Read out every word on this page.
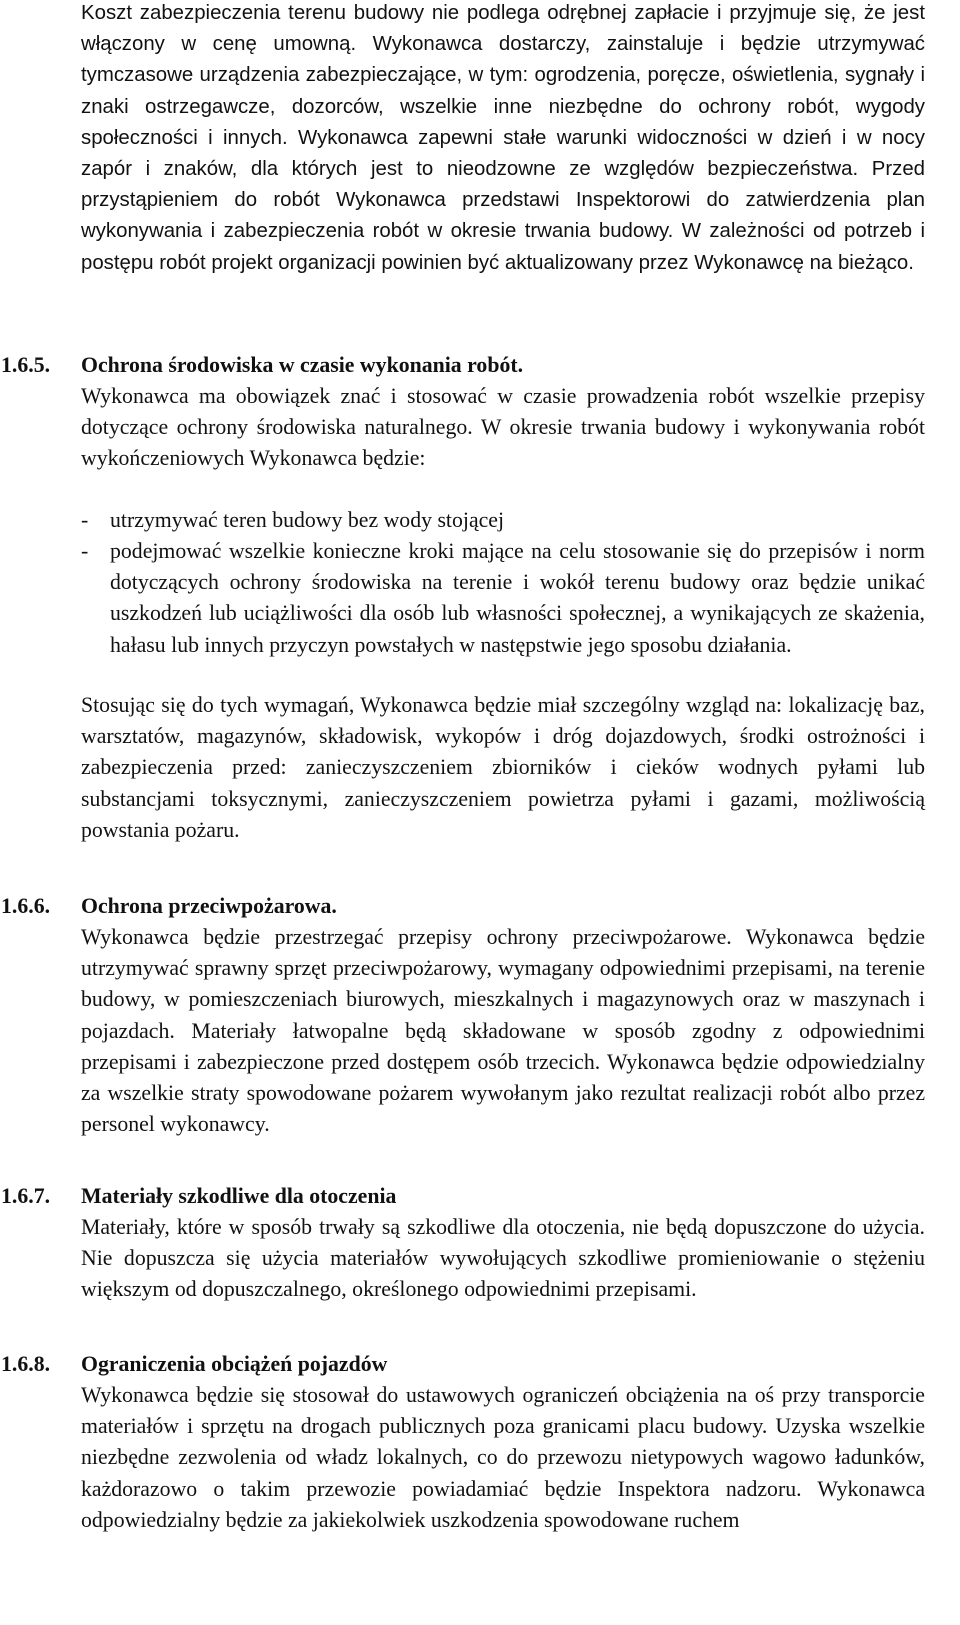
Koszt zabezpieczenia terenu budowy nie podlega odrębnej zapłacie i przyjmuje się, że jest włączony w cenę umowną. Wykonawca dostarczy, zainstaluje i będzie utrzymywać tymczasowe urządzenia zabezpieczające, w tym: ogrodzenia, poręcze, oświetlenia, sygnały i znaki ostrzegawcze, dozorców, wszelkie inne niezbędne do ochrony robót, wygody społeczności i innych. Wykonawca zapewni stałe warunki widoczności w dzień i w nocy zapór i znaków, dla których jest to nieodzowne ze względów bezpieczeństwa. Przed przystąpieniem do robót Wykonawca przedstawi Inspektorowi do zatwierdzenia plan wykonywania i zabezpieczenia robót w okresie trwania budowy. W zależności od potrzeb i postępu robót projekt organizacji powinien być aktualizowany przez Wykonawcę na bieżąco.

1.6.5. Ochrona środowiska w czasie wykonania robót.

Wykonawca ma obowiązek znać i stosować w czasie prowadzenia robót wszelkie przepisy dotyczące ochrony środowiska naturalnego. W okresie trwania budowy i wykonywania robót wykończeniowych Wykonawca będzie:

- utrzymywać teren budowy bez wody stojącej
- podejmować wszelkie konieczne kroki mające na celu stosowanie się do przepisów i norm dotyczących ochrony środowiska na terenie i wokół terenu budowy oraz będzie unikać uszkodzeń lub uciążliwości dla osób lub własności społecznej, a wynikających ze skażenia, hałasu lub innych przyczyn powstałych w następstwie jego sposobu działania.

Stosując się do tych wymagań, Wykonawca będzie miał szczególny wzgląd na: lokalizację baz, warsztatów, magazynów, składowisk, wykopów i dróg dojazdowych, środki ostrożności i zabezpieczenia przed: zanieczyszczeniem zbiorników i cieków wodnych pyłami lub substancjami toksycznymi, zanieczyszczeniem powietrza pyłami i gazami, możliwością powstania pożaru.

1.6.6. Ochrona przeciwpożarowa.

Wykonawca będzie przestrzegać przepisy ochrony przeciwpożarowe. Wykonawca będzie utrzymywać sprawny sprzęt przeciwpożarowy, wymagany odpowiednimi przepisami, na terenie budowy, w pomieszczeniach biurowych, mieszkalnych i magazynowych oraz w maszynach i pojazdach. Materiały łatwopalne będą składowane w sposób zgodny z odpowiednimi przepisami i zabezpieczone przed dostępem osób trzecich. Wykonawca będzie odpowiedzialny za wszelkie straty spowodowane pożarem wywołanym jako rezultat realizacji robót albo przez personel wykonawcy.

1.6.7. Materiały szkodliwe dla otoczenia

Materiały, które w sposób trwały są szkodliwe dla otoczenia, nie będą dopuszczone do użycia. Nie dopuszcza się użycia materiałów wywołujących szkodliwe promieniowanie o stężeniu większym od dopuszczalnego, określonego odpowiednimi przepisami.

1.6.8. Ograniczenia obciążeń pojazdów

Wykonawca będzie się stosował do ustawowych ograniczeń obciążenia na oś przy transporcie materiałów i sprzętu na drogach publicznych poza granicami placu budowy. Uzyska wszelkie niezbędne zezwolenia od władz lokalnych, co do przewozu nietypowych wagowo ładunków, każdorazowo o takim przewozie powiadamiać będzie Inspektora nadzoru. Wykonawca odpowiedzialny będzie za jakiekolwiek uszkodzenia spowodowane ruchem
